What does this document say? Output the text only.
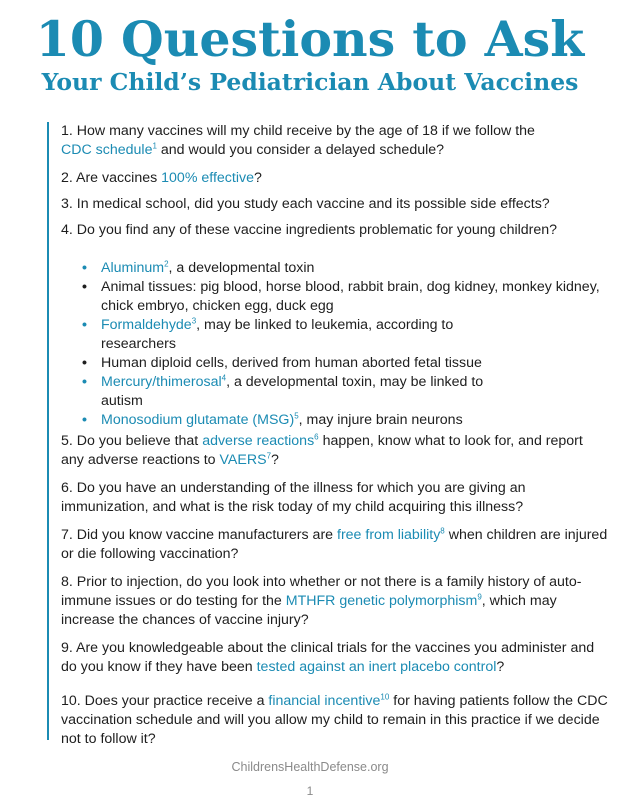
10 Questions to Ask
Your Child’s Pediatrician About Vaccines
1. How many vaccines will my child receive by the age of 18 if we follow the
CDC schedule$^1$ and would you consider a delayed schedule?
2. Are vaccines 100% effective?
3. In medical school, did you study each vaccine and its possible side effects?
4. Do you find any of these vaccine ingredients problematic for young children?
• Aluminum$^2$, a developmental toxin
• Animal tissues: pig blood, horse blood, rabbit brain, dog kidney, monkey kidney, chick embryo, chicken egg, duck egg
• Formaldehyde$^3$, may be linked to leukemia, according to researchers
• Human diploid cells, derived from human aborted fetal tissue
• Mercury/thimerosal$^4$, a developmental toxin, may be linked to autism
• Monosodium glutamate (MSG)$^5$, may injure brain neurons
5. Do you believe that adverse reactions$^6$ happen, know what to look for, and report any adverse reactions to VAERS$^7$?
6. Do you have an understanding of the illness for which you are giving an immunization, and what is the risk today of my child acquiring this illness?
7. Did you know vaccine manufacturers are free from liability$^8$ when children are injured or die following vaccination?
8. Prior to injection, do you look into whether or not there is a family history of auto-immune issues or do testing for the MTHFR genetic polymorphism$^9$, which may increase the chances of vaccine injury?
9. Are you knowledgeable about the clinical trials for the vaccines you administer and do you know if they have been tested against an inert placebo control?
10. Does your practice receive a financial incentive$^{10}$ for having patients follow the CDC vaccination schedule and will you allow my child to remain in this practice if we decide not to follow it?
ChildrensHealthDefense.org
1
